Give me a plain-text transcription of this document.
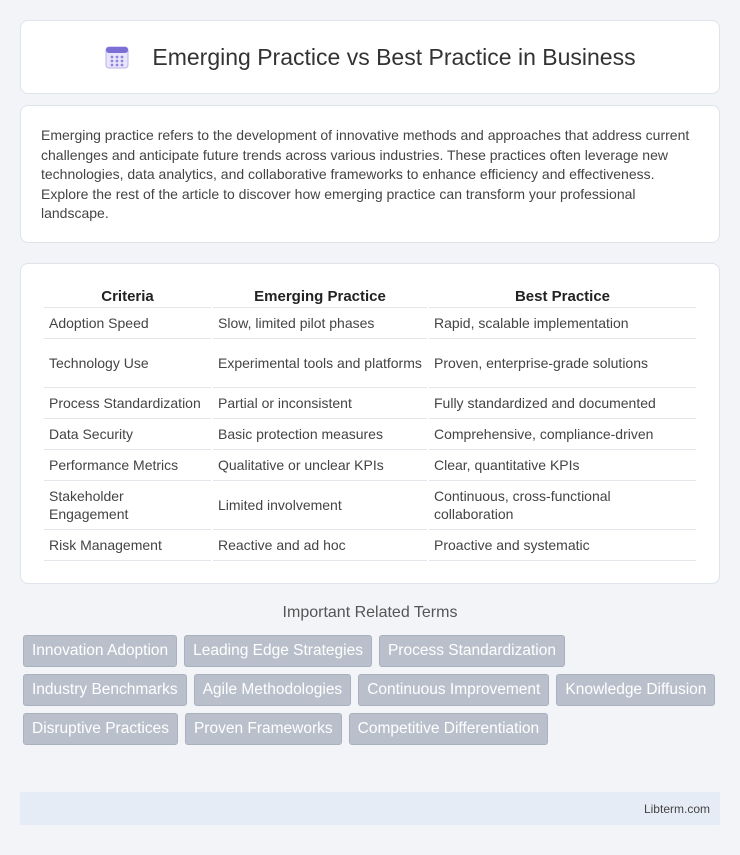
Emerging Practice vs Best Practice in Business

Emerging practice refers to the development of innovative methods and approaches that address current challenges and anticipate future trends across various industries. These practices often leverage new technologies, data analytics, and collaborative frameworks to enhance efficiency and effectiveness. Explore the rest of the article to discover how emerging practice can transform your professional landscape.

Criteria	Emerging Practice	Best Practice
Adoption Speed	Slow, limited pilot phases	Rapid, scalable implementation
Technology Use	Experimental tools and platforms	Proven, enterprise-grade solutions
Process Standardization	Partial or inconsistent	Fully standardized and documented
Data Security	Basic protection measures	Comprehensive, compliance-driven
Performance Metrics	Qualitative or unclear KPIs	Clear, quantitative KPIs
Stakeholder Engagement	Limited involvement	Continuous, cross-functional collaboration
Risk Management	Reactive and ad hoc	Proactive and systematic
Important Related Terms
Innovation Adoption	Leading Edge Strategies	Process Standardization
Industry Benchmarks	Agile Methodologies	Continuous Improvement	Knowledge Diffusion
Disruptive Practices	Proven Frameworks	Competitive Differentiation
Libterm.com
